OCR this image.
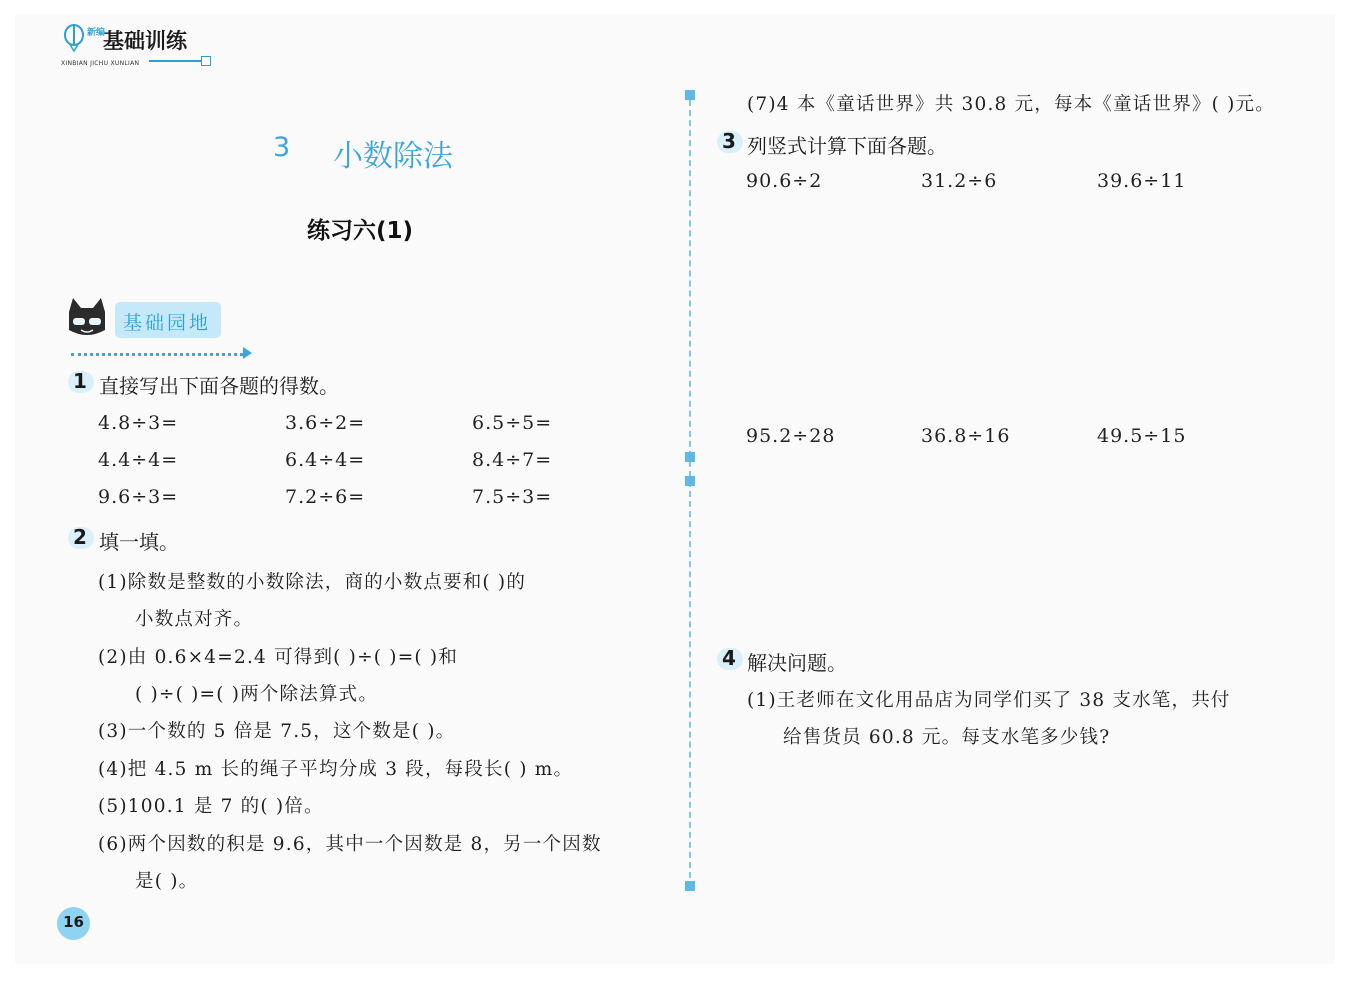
新编
基础训练
XINBIAN JICHU XUNLIAN
3 小数除法
练习六(1)
基础园地
1 直接写出下面各题的得数。
4.8÷3=	3.6÷2=	6.5÷5=
4.4÷4=	6.4÷4=	8.4÷7=
9.6÷3=	7.2÷6=	7.5÷3=
2 填一填。
(1)除数是整数的小数除法，商的小数点要和( )的
小数点对齐。
(2)由 0.6×4=2.4 可得到( )÷( )=( )和
( )÷( )=( )两个除法算式。
(3)一个数的 5 倍是 7.5，这个数是( )。
(4)把 4.5 m 长的绳子平均分成 3 段，每段长( ) m。
(5)100.1 是 7 的( )倍。
(6)两个因数的积是 9.6，其中一个因数是 8，另一个因数
是( )。
(7)4 本《童话世界》共 30.8 元，每本《童话世界》( )元。
3 列竖式计算下面各题。
90.6÷2	31.2÷6	39.6÷11
95.2÷28	36.8÷16	49.5÷15
4 解决问题。
(1)王老师在文化用品店为同学们买了 38 支水笔，共付
给售货员 60.8 元。每支水笔多少钱?
16
